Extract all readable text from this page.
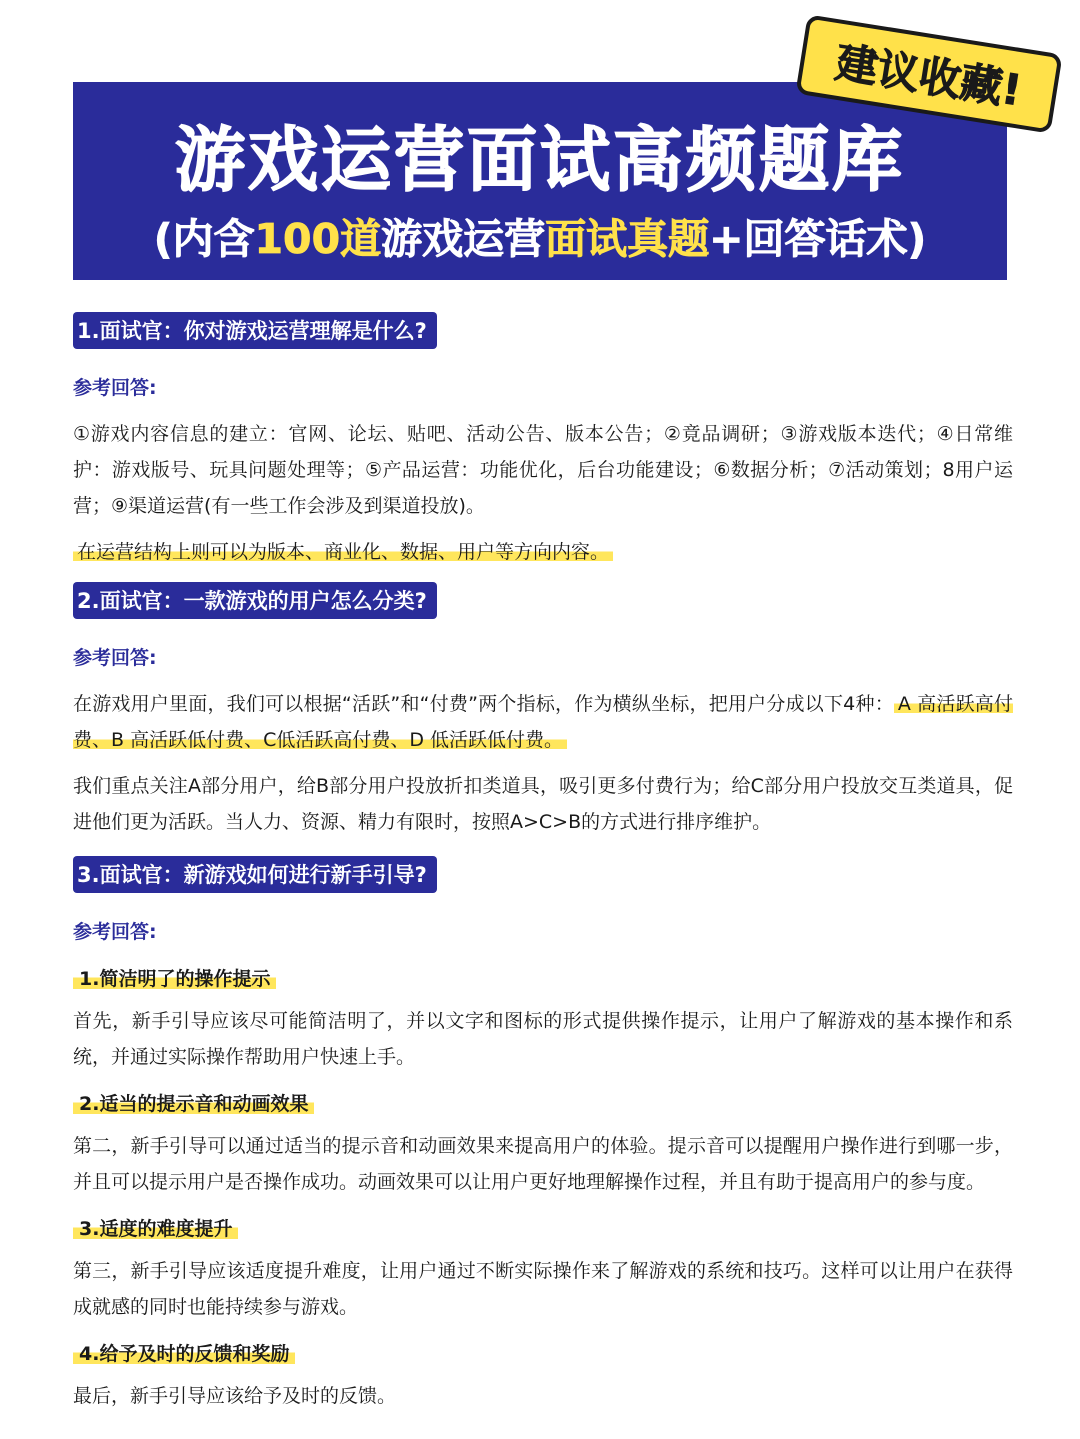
游戏运营面试高频题库
(内含100道游戏运营面试真题+回答话术)
建议收藏!
1.面试官：你对游戏运营理解是什么?
参考回答:
①游戏内容信息的建立：官网、论坛、贴吧、活动公告、版本公告；②竟品调研；③游戏版本迭代；④日常维护：游戏版号、玩具问题处理等；⑤产品运营：功能优化，后台功能建设；⑥数据分析；⑦活动策划；8用户运营；⑨渠道运营(有一些工作会涉及到渠道投放)。
在运营结构上则可以为版本、商业化、数据、用户等方向内容。
2.面试官：一款游戏的用户怎么分类?
参考回答:
在游戏用户里面，我们可以根据“活跃”和“付费”两个指标，作为横纵坐标，把用户分成以下4种： A 高活跃高付费、B 高活跃低付费、C低活跃高付费、D 低活跃低付费。
我们重点关注A部分用户，给B部分用户投放折扣类道具，吸引更多付费行为；给C部分用户投放交互类道具，促进他们更为活跃。当人力、资源、精力有限时，按照A>C>B的方式进行排序维护。
3.面试官：新游戏如何进行新手引导?
参考回答:
1.简洁明了的操作提示
首先，新手引导应该尽可能简洁明了，并以文字和图标的形式提供操作提示，让用户了解游戏的基本操作和系统，并通过实际操作帮助用户快速上手。
2.适当的提示音和动画效果
第二，新手引导可以通过适当的提示音和动画效果来提高用户的体验。提示音可以提醒用户操作进行到哪一步，并且可以提示用户是否操作成功。动画效果可以让用户更好地理解操作过程，并且有助于提高用户的参与度。
3.适度的难度提升
第三，新手引导应该适度提升难度，让用户通过不断实际操作来了解游戏的系统和技巧。这样可以让用户在获得成就感的同时也能持续参与游戏。
4.给予及时的反馈和奖励
最后，新手引导应该给予及时的反馈。
